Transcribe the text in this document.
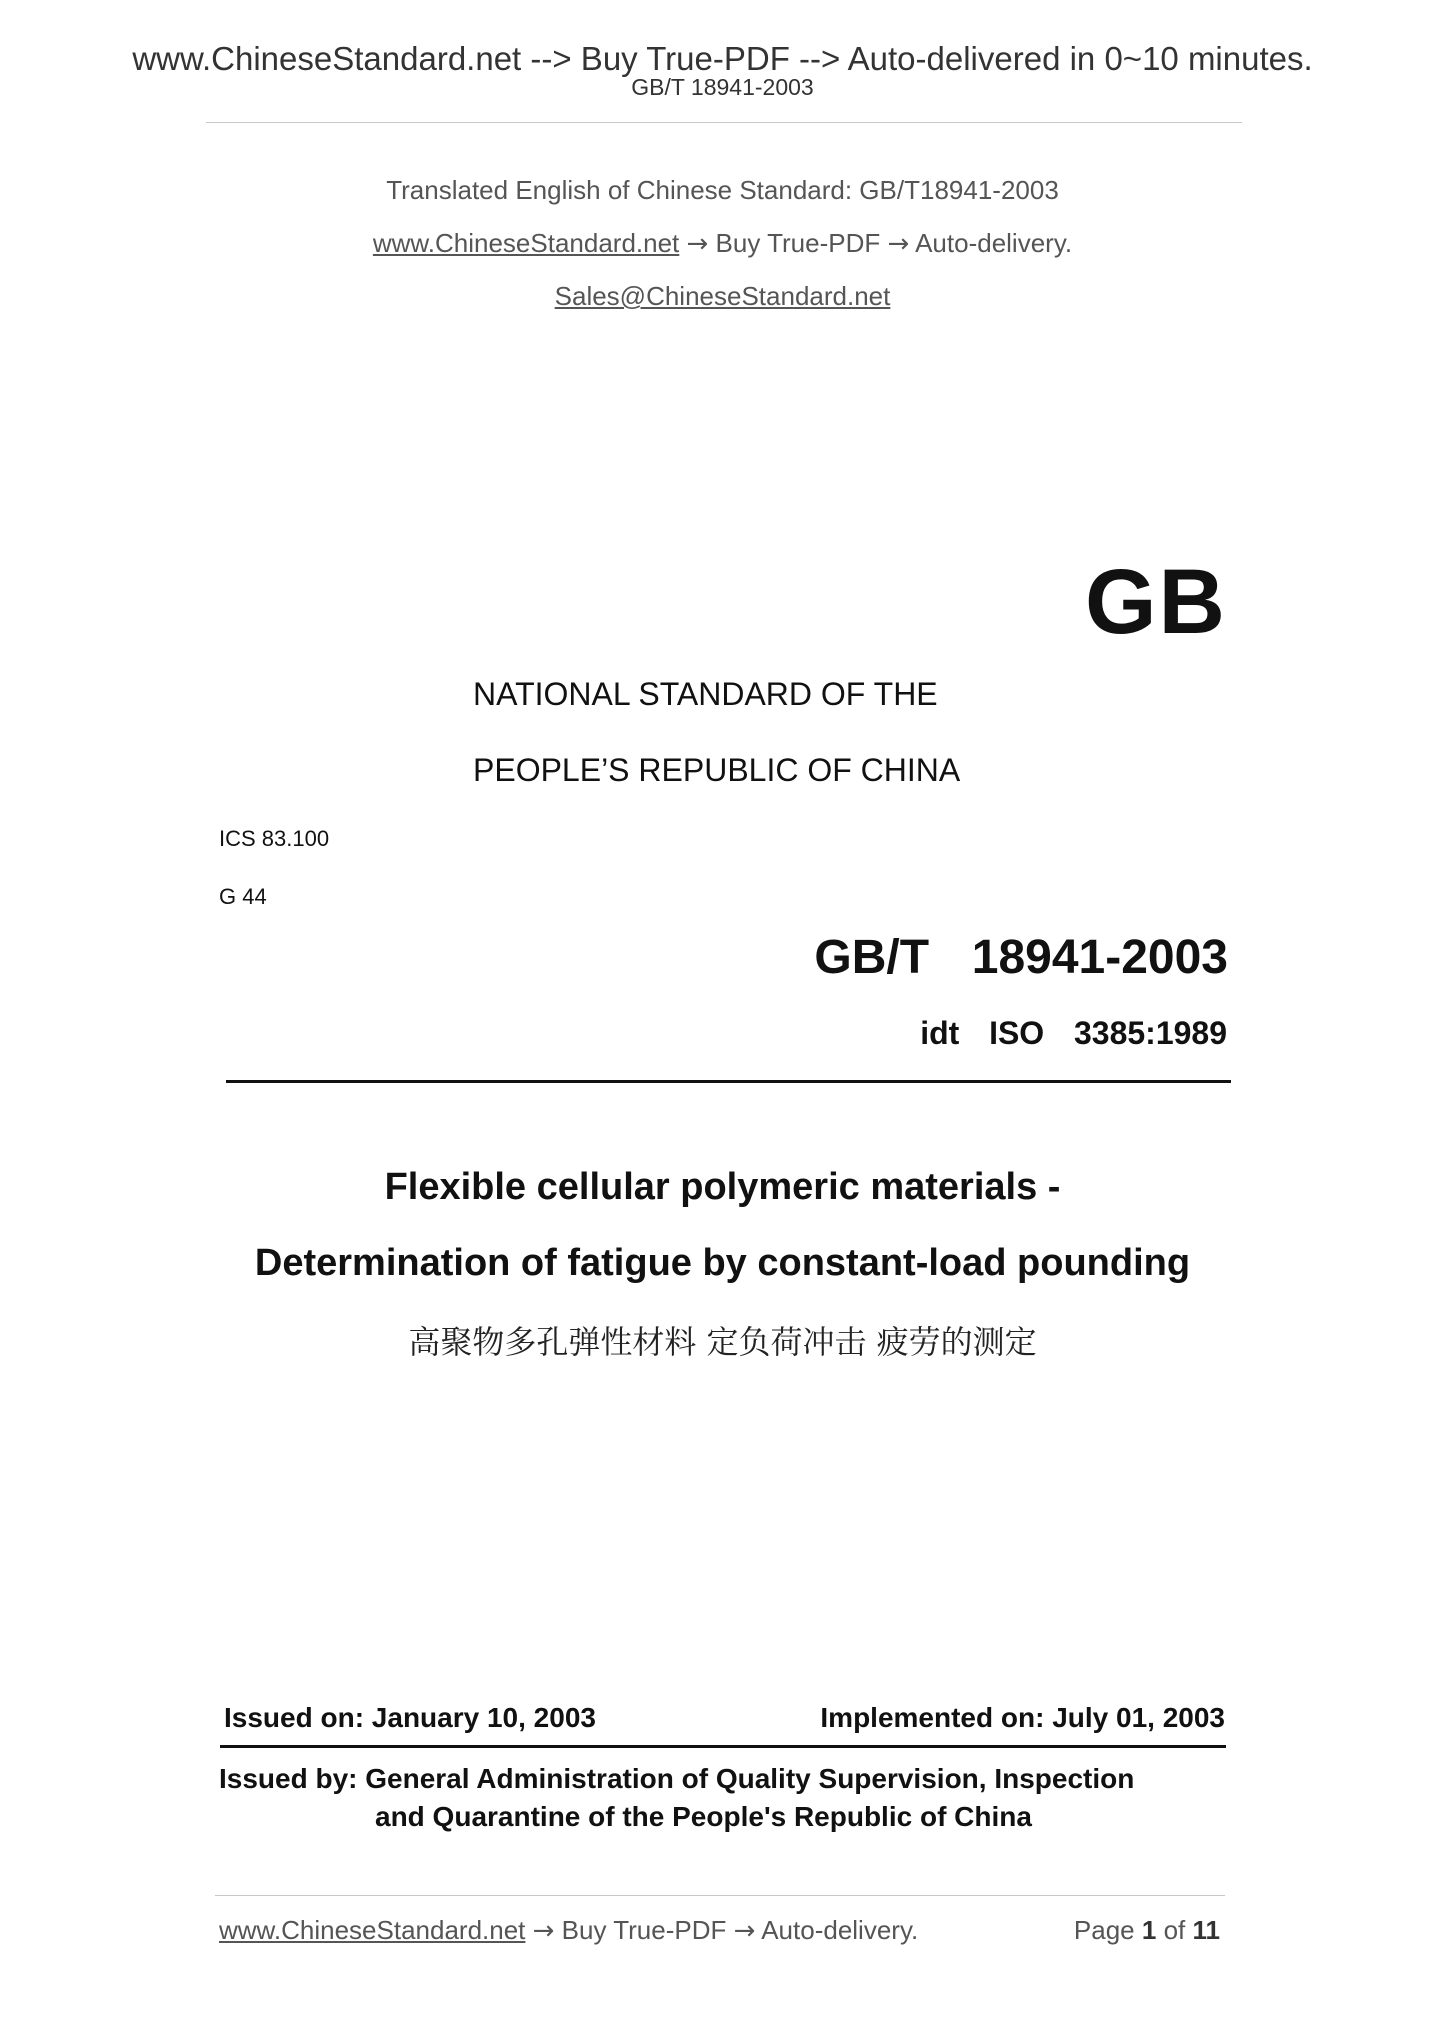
www.ChineseStandard.net --> Buy True-PDF --> Auto-delivered in 0~10 minutes.
GB/T 18941-2003
Translated English of Chinese Standard: GB/T18941-2003
www.ChineseStandard.net → Buy True-PDF → Auto-delivery.
Sales@ChineseStandard.net
GB
NATIONAL STANDARD OF THE
PEOPLE’S REPUBLIC OF CHINA
ICS 83.100
G 44
GB/T  18941-2003
idt  ISO  3385:1989
Flexible cellular polymeric materials -
Determination of fatigue by constant-load pounding
高聚物多孔弹性材料 定负荷冲击 疲劳的测定
Issued on: January 10, 2003	Implemented on: July 01, 2003
Issued by: General Administration of Quality Supervision, Inspection
and Quarantine of the People's Republic of China
www.ChineseStandard.net → Buy True-PDF → Auto-delivery.	Page 1 of 11
